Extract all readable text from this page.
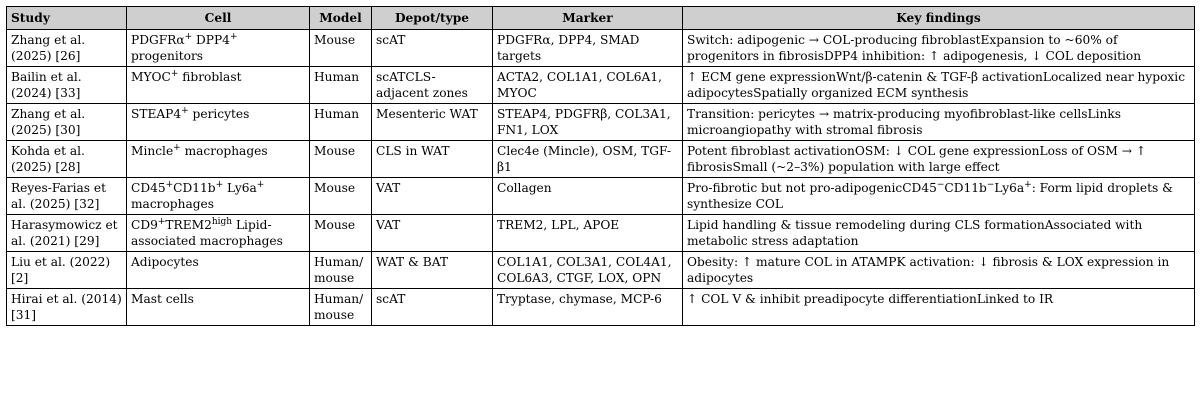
Study	Cell	Model	Depot/type	Marker	Key findings
Zhang et al. (2025) [26]	PDGFRα+ DPP4+ progenitors	Mouse	scAT	PDGFRα, DPP4, SMAD targets	Switch: adipogenic → COL-producing fibroblastExpansion to ~60% of progenitors in fibrosisDPP4 inhibition: ↑ adipogenesis, ↓ COL deposition
Bailin et al. (2024) [33]	MYOC+ fibroblast	Human	scATCLS-adjacent zones	ACTA2, COL1A1, COL6A1, MYOC	↑ ECM gene expressionWnt/β-catenin & TGF-β activationLocalized near hypoxic adipocytesSpatially organized ECM synthesis
Zhang et al. (2025) [30]	STEAP4+ pericytes	Human	Mesenteric WAT	STEAP4, PDGFRβ, COL3A1, FN1, LOX	Transition: pericytes → matrix-producing myofibroblast-like cellsLinks microangiopathy with stromal fibrosis
Kohda et al. (2025) [28]	Mincle+ macrophages	Mouse	CLS in WAT	Clec4e (Mincle), OSM, TGF-β1	Potent fibroblast activationOSM: ↓ COL gene expressionLoss of OSM → ↑ fibrosisSmall (~2–3%) population with large effect
Reyes-Farias et al. (2025) [32]	CD45+CD11b+ Ly6a+ macrophages	Mouse	VAT	Collagen	Pro-fibrotic but not pro-adipogenicCD45−CD11b−Ly6a+: Form lipid droplets & synthesize COL
Harasymowicz et al. (2021) [29]	$CD9^+TREM2^{high}$ Lipid-associated macrophages	Mouse	VAT	TREM2, LPL, APOE	Lipid handling & tissue remodeling during CLS formationAssociated with metabolic stress adaptation
Liu et al. (2022) [2]	Adipocytes	Human/ mouse	WAT & BAT	COL1A1, COL3A1, COL4A1, COL6A3, CTGF, LOX, OPN	Obesity: ↑ mature COL in ATAMPK activation: ↓ fibrosis & LOX expression in adipocytes
Hirai et al. (2014) [31]	Mast cells	Human/ mouse	scAT	Tryptase, chymase, MCP-6	↑ COL V & inhibit preadipocyte differentiationLinked to IR
